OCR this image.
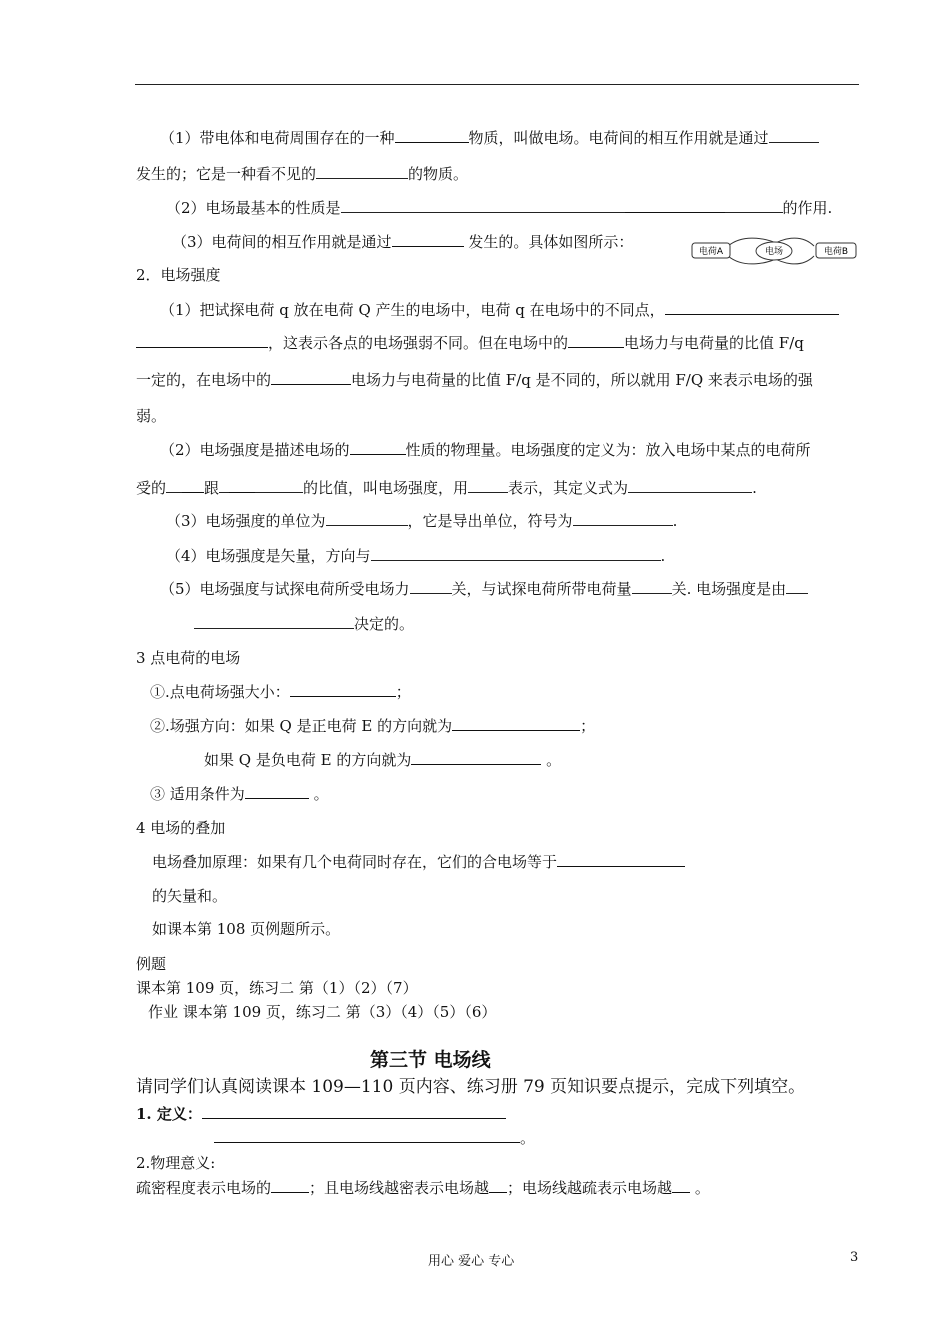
（1）带电体和电荷周围存在的一种	物质，叫做电场。电荷间的相互作用就是通过
发生的；它是一种看不见的	的物质。
（2）电场最基本的性质是	的作用.
（3）电荷间的相互作用就是通过	发生的。具体如图所示：
电荷A	电场	电荷B
2．电场强度
（1）把试探电荷 q 放在电荷 Q 产生的电场中，电荷 q 在电场中的不同点，
，这表示各点的电场强弱不同。但在电场中的	电场力与电荷量的比值 F/q
一定的，在电场中的	电场力与电荷量的比值 F/q 是不同的，所以就用 F/Q 来表示电场的强
弱。
（2）电场强度是描述电场的	性质的物理量。电场强度的定义为：放入电场中某点的电荷所
受的	跟	的比值，叫电场强度，用	表示，其定义式为	.
（3）电场强度的单位为	，它是导出单位，符号为	.
（4）电场强度是矢量，方向与	.
（5）电场强度与试探电荷所受电场力	关，与试探电荷所带电荷量	关. 电场强度是由
决定的。
3 点电荷的电场
①.点电荷场强大小：	；
②.场强方向：如果 Q 是正电荷 E 的方向就为	；
如果 Q 是负电荷 E 的方向就为	。
③ 适用条件为	。
4 电场的叠加
电场叠加原理：如果有几个电荷同时存在，它们的合电场等于
的矢量和。
如课本第 108 页例题所示。
例题
课本第 109 页，练习二 第（1）（2）（7）
作业 课本第 109 页，练习二 第（3）（4）（5）（6）
第三节 电场线
请同学们认真阅读课本 109—110 页内容、练习册 79 页知识要点提示，完成下列填空。
1. 定义：
。
2.物理意义:
疏密程度表示电场的	；且电场线越密表示电场越 ；电场线越疏表示电场越 。
用心 爱心 专心	3
